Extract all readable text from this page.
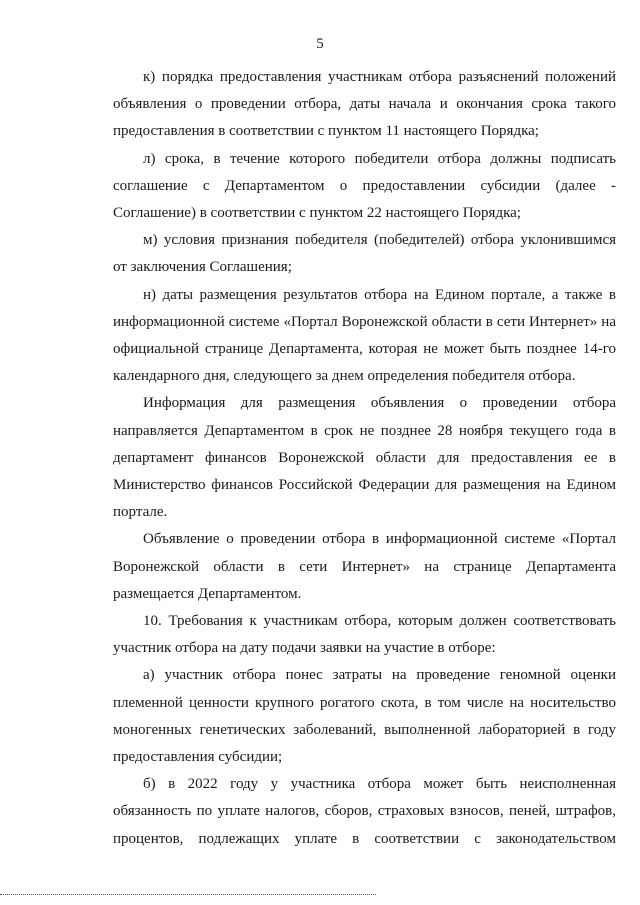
5

к) порядка предоставления участникам отбора разъяснений положений объявления о проведении отбора, даты начала и окончания срока такого предоставления в соответствии с пунктом 11 настоящего Порядка;

л) срока, в течение которого победители отбора должны подписать соглашение с Департаментом о предоставлении субсидии (далее - Соглашение) в соответствии с пунктом 22 настоящего Порядка;

м) условия признания победителя (победителей) отбора уклонившимся от заключения Соглашения;

н) даты размещения результатов отбора на Едином портале, а также в информационной системе «Портал Воронежской области в сети Интернет» на официальной странице Департамента, которая не может быть позднее 14-го календарного дня, следующего за днем определения победителя отбора.

Информация для размещения объявления о проведении отбора направляется Департаментом в срок не позднее 28 ноября текущего года в департамент финансов Воронежской области для предоставления ее в Министерство финансов Российской Федерации для размещения на Едином портале.

Объявление о проведении отбора в информационной системе «Портал Воронежской области в сети Интернет» на странице Департамента размещается Департаментом.

10. Требования к участникам отбора, которым должен соответствовать участник отбора на дату подачи заявки на участие в отборе:

а) участник отбора понес затраты на проведение геномной оценки племенной ценности крупного рогатого скота, в том числе на носительство моногенных генетических заболеваний, выполненной лабораторией в году предоставления субсидии;

б) в 2022 году у участника отбора может быть неисполненная обязанность по уплате налогов, сборов, страховых взносов, пеней, штрафов, процентов, подлежащих уплате в соответствии с законодательством
